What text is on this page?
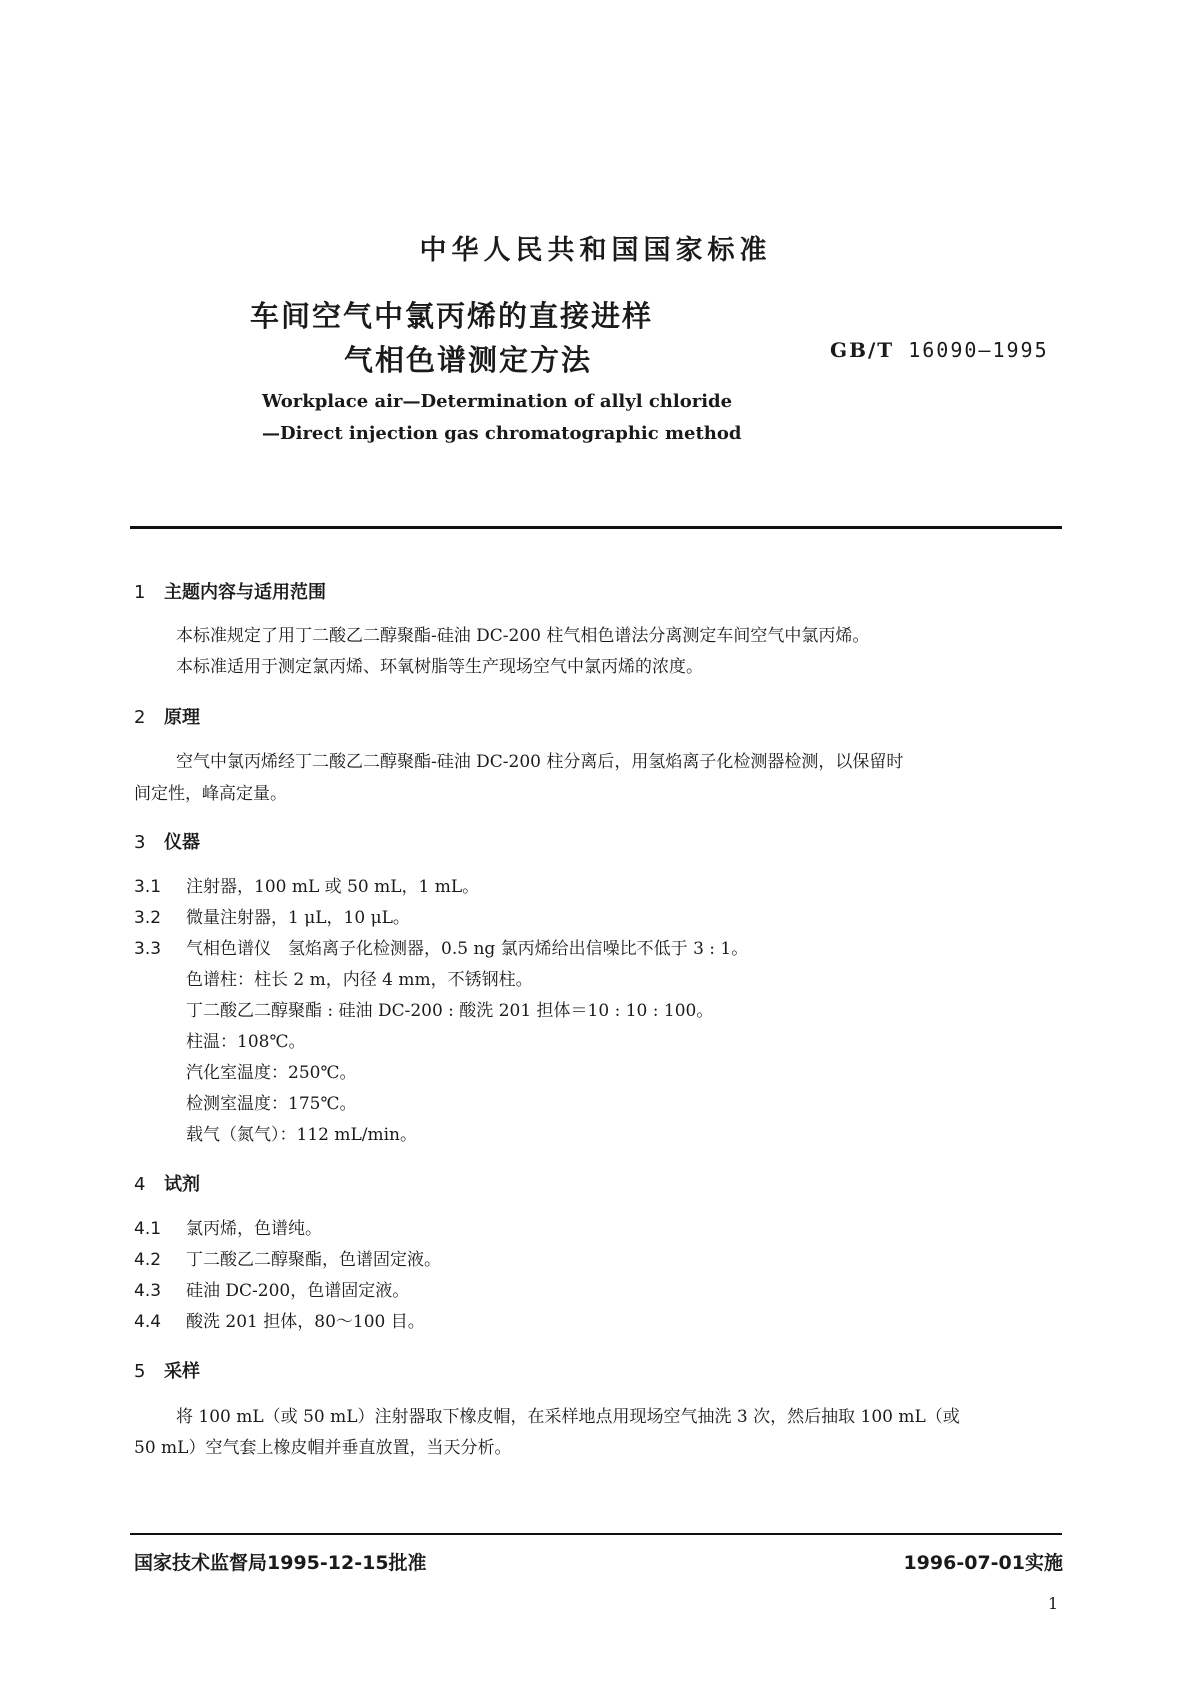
中华人民共和国国家标准
车间空气中氯丙烯的直接进样
气相色谱测定方法	GB/T 16090—1995
Workplace air—Determination of allyl chloride
—Direct injection gas chromatographic method
1 主题内容与适用范围
本标准规定了用丁二酸乙二醇聚酯-硅油 DC-200 柱气相色谱法分离测定车间空气中氯丙烯。
本标准适用于测定氯丙烯、环氧树脂等生产现场空气中氯丙烯的浓度。
2 原理
空气中氯丙烯经丁二酸乙二醇聚酯-硅油 DC-200 柱分离后，用氢焰离子化检测器检测，以保留时
间定性，峰高定量。
3 仪器
3.1 注射器，100 mL 或 50 mL，1 mL。
3.2 微量注射器，1 μL，10 μL。
3.3 气相色谱仪　氢焰离子化检测器，0.5 ng 氯丙烯给出信噪比不低于 3 : 1。
色谱柱：柱长 2 m，内径 4 mm，不锈钢柱。
丁二酸乙二醇聚酯 : 硅油 DC-200 : 酸洗 201 担体＝10 : 10 : 100。
柱温：108℃。
汽化室温度：250℃。
检测室温度：175℃。
载气（氮气）：112 mL/min。
4 试剂
4.1 氯丙烯，色谱纯。
4.2 丁二酸乙二醇聚酯，色谱固定液。
4.3 硅油 DC-200，色谱固定液。
4.4 酸洗 201 担体，80～100 目。
5 采样
将 100 mL（或 50 mL）注射器取下橡皮帽，在采样地点用现场空气抽洗 3 次，然后抽取 100 mL（或
50 mL）空气套上橡皮帽并垂直放置，当天分析。
国家技术监督局1995-12-15批准	1996-07-01实施
1
